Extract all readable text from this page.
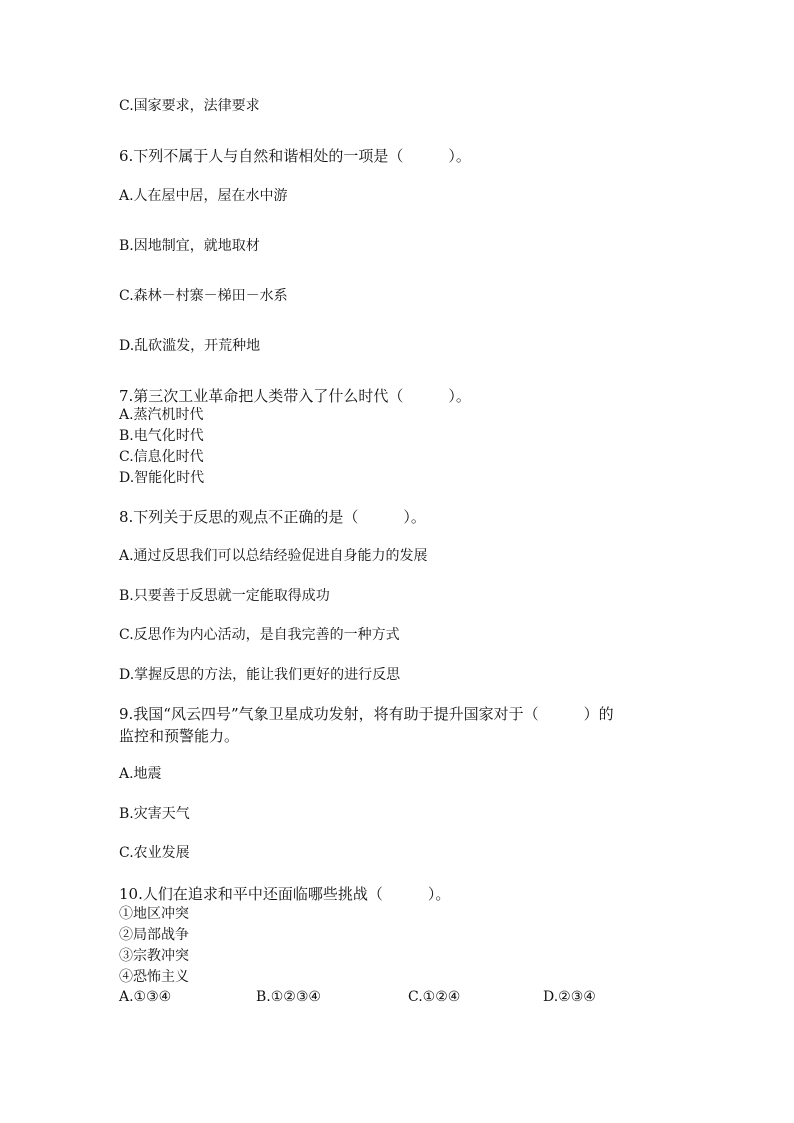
C.国家要求，法律要求
6.下列不属于人与自然和谐相处的一项是（　　　）。
A.人在屋中居，屋在水中游
B.因地制宜，就地取材
C.森林－村寨－梯田－水系
D.乱砍滥发，开荒种地
7.第三次工业革命把人类带入了什么时代（　　　）。
A.蒸汽机时代
B.电气化时代
C.信息化时代
D.智能化时代
8.下列关于反思的观点不正确的是（　　　）。
A.通过反思我们可以总结经验促进自身能力的发展
B.只要善于反思就一定能取得成功
C.反思作为内心活动，是自我完善的一种方式
D.掌握反思的方法，能让我们更好的进行反思
9.我国“风云四号”气象卫星成功发射，将有助于提升国家对于（　　　）的
监控和预警能力。
A.地震
B.灾害天气
C.农业发展
10.人们在追求和平中还面临哪些挑战（　　　）。
①地区冲突
②局部战争
③宗教冲突
④恐怖主义
A.①③④	B.①②③④	C.①②④	D.②③④
